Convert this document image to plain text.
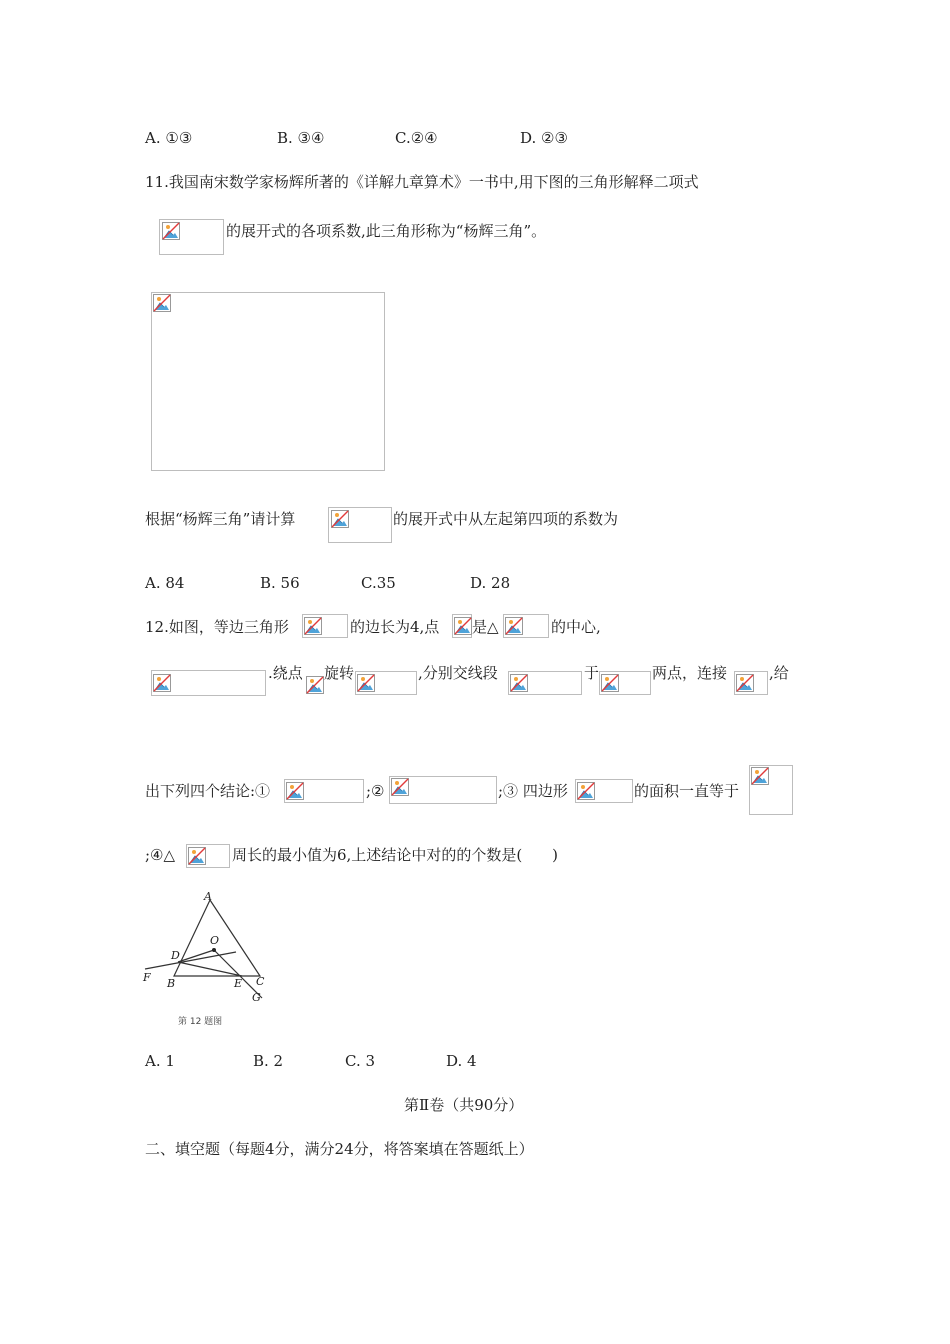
A. ①③	B. ③④	C.②④	D. ②③
11.我国南宋数学家杨辉所著的《详解九章算术》一书中,用下图的三角形解释二项式
的展开式的各项系数,此三角形称为“杨辉三角”。
根据“杨辉三角”请计算	的展开式中从左起第四项的系数为
A. 84	B. 56	C.35	D. 28
12.如图，等边三角形	的边长为4,点 是△	的中心,
.绕点 旋转	,分别交线段	于	两点，连接	,给
出下列四个结论:①	;②	;③ 四边形	的面积一直等于
;④△	周长的最小值为6,上述结论中对的的个数是(　　)
A
O
D
F B	E C
G
第 12 题图
A. 1	B. 2	C. 3	D. 4
第Ⅱ卷（共90分）
二、填空题（每题4分，满分24分，将答案填在答题纸上）
